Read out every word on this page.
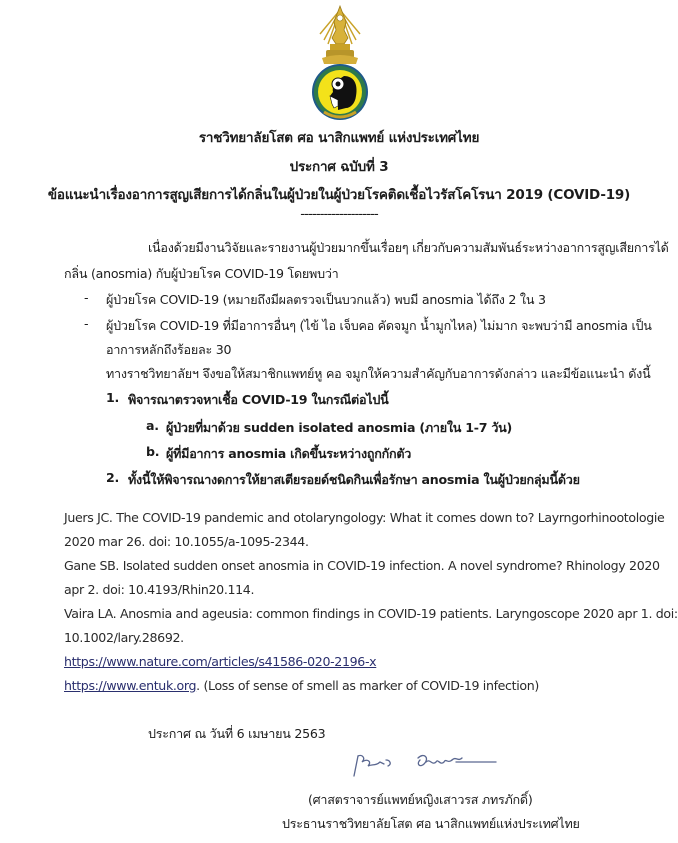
ราชวิทยาลัยโสต ศอ นาสิกแพทย์ แห่งประเทศไทย
ประกาศ ฉบับที่ 3
ข้อแนะนำเรื่องอาการสูญเสียการได้กลิ่นในผู้ป่วยในผู้ป่วยโรคติดเชื้อไวรัสโคโรนา 2019 (COVID-19)
--------------------
เนื่องด้วยมีงานวิจัยและรายงานผู้ป่วยมากขึ้นเรื่อยๆ เกี่ยวกับความสัมพันธ์ระหว่างอาการสูญเสียการได้
กลิ่น (anosmia) กับผู้ป่วยโรค COVID-19 โดยพบว่า
- ผู้ป่วยโรค COVID-19 (หมายถึงมีผลตรวจเป็นบวกแล้ว) พบมี anosmia ได้ถึง 2 ใน 3
- ผู้ป่วยโรค COVID-19 ที่มีอาการอื่นๆ (ไข้ ไอ เจ็บคอ คัดจมูก น้ำมูกไหล) ไม่มาก จะพบว่ามี anosmia เป็น
อาการหลักถึงร้อยละ 30
ทางราชวิทยาลัยฯ จึงขอให้สมาชิกแพทย์หู คอ จมูกให้ความสำคัญกับอาการดังกล่าว และมีข้อแนะนำ ดังนี้
1. พิจารณาตรวจหาเชื้อ COVID-19 ในกรณีต่อไปนี้
a. ผู้ป่วยที่มาด้วย sudden isolated anosmia (ภายใน 1-7 วัน)
b. ผู้ที่มีอาการ anosmia เกิดขึ้นระหว่างถูกกักตัว
2. ทั้งนี้ให้พิจารณางดการให้ยาสเตียรอยด์ชนิดกินเพื่อรักษา anosmia ในผู้ป่วยกลุ่มนี้ด้วย
Juers JC. The COVID-19 pandemic and otolaryngology: What it comes down to? Layrngorhinootologie
2020 mar 26. doi: 10.1055/a-1095-2344.
Gane SB. Isolated sudden onset anosmia in COVID-19 infection. A novel syndrome? Rhinology 2020
apr 2. doi: 10.4193/Rhin20.114.
Vaira LA. Anosmia and ageusia: common findings in COVID-19 patients. Laryngoscope 2020 apr 1. doi:
10.1002/lary.28692.
https://www.nature.com/articles/s41586-020-2196-x
https://www.entuk.org. (Loss of sense of smell as marker of COVID-19 infection)
ประกาศ ณ วันที่ 6 เมษายน 2563
(ศาสตราจารย์แพทย์หญิงเสาวรส ภทรภักดิ์)
ประธานราชวิทยาลัยโสต ศอ นาสิกแพทย์แห่งประเทศไทย
